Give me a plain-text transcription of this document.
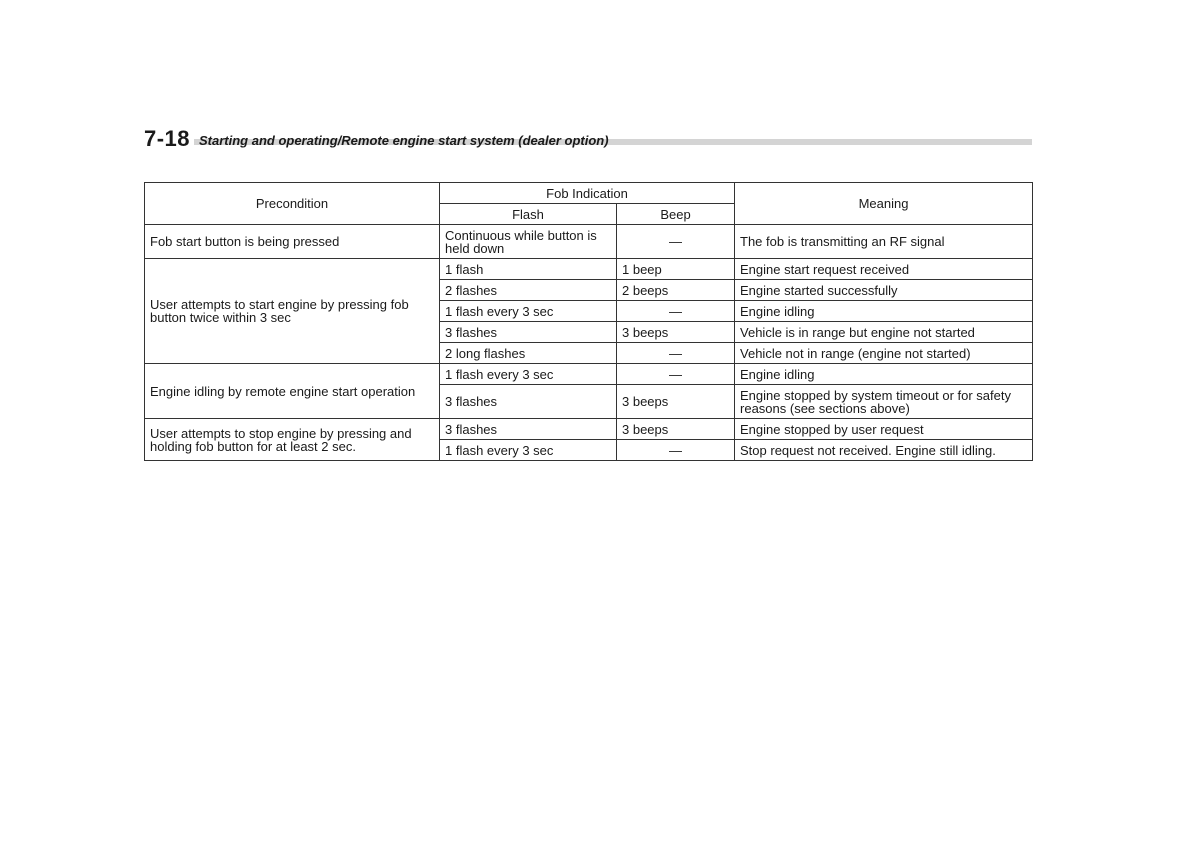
7-18 Starting and operating/Remote engine start system (dealer option)
Precondition	Fob Indication		Meaning
	Flash	Beep	
Fob start button is being pressed	Continuous while button is held down	—	The fob is transmitting an RF signal
User attempts to start engine by pressing fob button twice within 3 sec	1 flash	1 beep	Engine start request received
	2 flashes	2 beeps	Engine started successfully
	1 flash every 3 sec	—	Engine idling
	3 flashes	3 beeps	Vehicle is in range but engine not started
	2 long flashes	—	Vehicle not in range (engine not started)
Engine idling by remote engine start operation	1 flash every 3 sec	—	Engine idling
	3 flashes	3 beeps	Engine stopped by system timeout or for safety reasons (see sections above)
User attempts to stop engine by pressing and holding fob button for at least 2 sec.	3 flashes	3 beeps	Engine stopped by user request
	1 flash every 3 sec	—	Stop request not received. Engine still idling.
